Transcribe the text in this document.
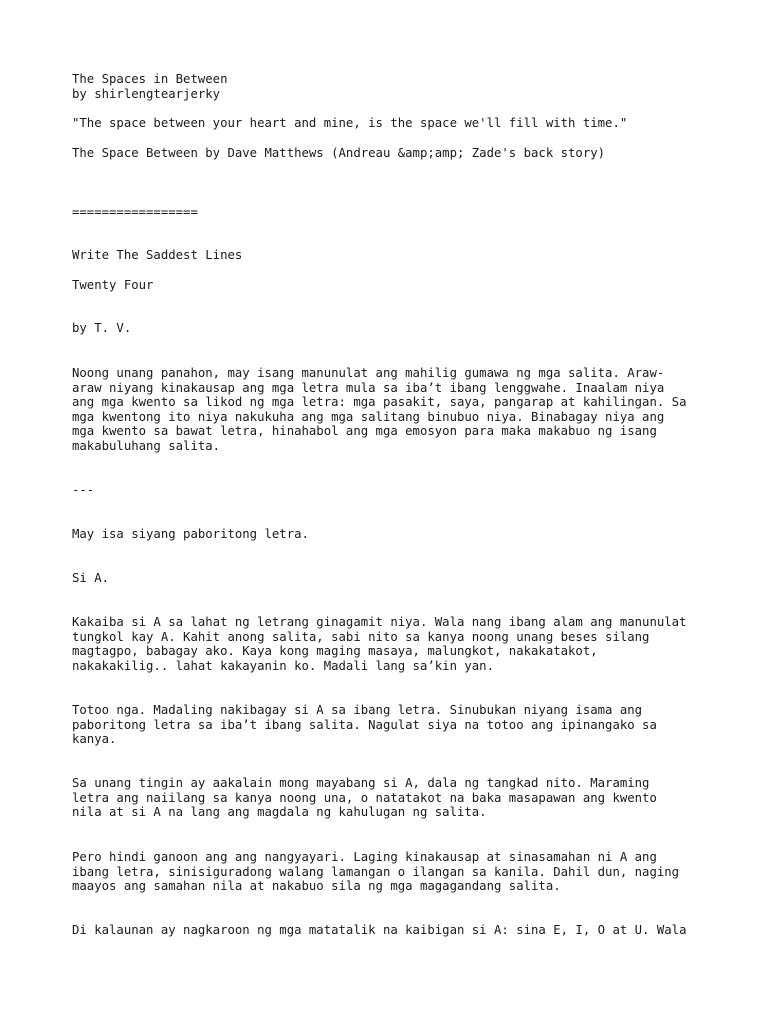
The Spaces in Between

by shirlengtearjerky

"The space between your heart and mine, is the space we'll fill with time."

The Space Between by Dave Matthews (Andreau &amp;amp; Zade's back story)

=================

Write The Saddest Lines

Twenty Four

by T. V.

Noong unang panahon, may isang manunulat ang mahilig gumawa ng mga salita. Araw-
araw niyang kinakausap ang mga letra mula sa iba’t ibang lenggwahe. Inaalam niya
ang mga kwento sa likod ng mga letra: mga pasakit, saya, pangarap at kahilingan. Sa
mga kwentong ito niya nakukuha ang mga salitang binubuo niya. Binabagay niya ang
mga kwento sa bawat letra, hinahabol ang mga emosyon para maka makabuo ng isang
makabuluhang salita.

---

May isa siyang paboritong letra.

Si A.

Kakaiba si A sa lahat ng letrang ginagamit niya. Wala nang ibang alam ang manunulat
tungkol kay A. Kahit anong salita, sabi nito sa kanya noong unang beses silang
magtagpo, babagay ako. Kaya kong maging masaya, malungkot, nakakatakot,
nakakakilig.. lahat kakayanin ko. Madali lang sa’kin yan.

Totoo nga. Madaling nakibagay si A sa ibang letra. Sinubukan niyang isama ang
paboritong letra sa iba’t ibang salita. Nagulat siya na totoo ang ipinangako sa
kanya.

Sa unang tingin ay aakalain mong mayabang si A, dala ng tangkad nito. Maraming
letra ang naiilang sa kanya noong una, o natatakot na baka masapawan ang kwento
nila at si A na lang ang magdala ng kahulugan ng salita.

Pero hindi ganoon ang ang nangyayari. Laging kinakausap at sinasamahan ni A ang
ibang letra, sinisiguradong walang lamangan o ilangan sa kanila. Dahil dun, naging
maayos ang samahan nila at nakabuo sila ng mga magagandang salita.

Di kalaunan ay nagkaroon ng mga matatalik na kaibigan si A: sina E, I, O at U. Wala
